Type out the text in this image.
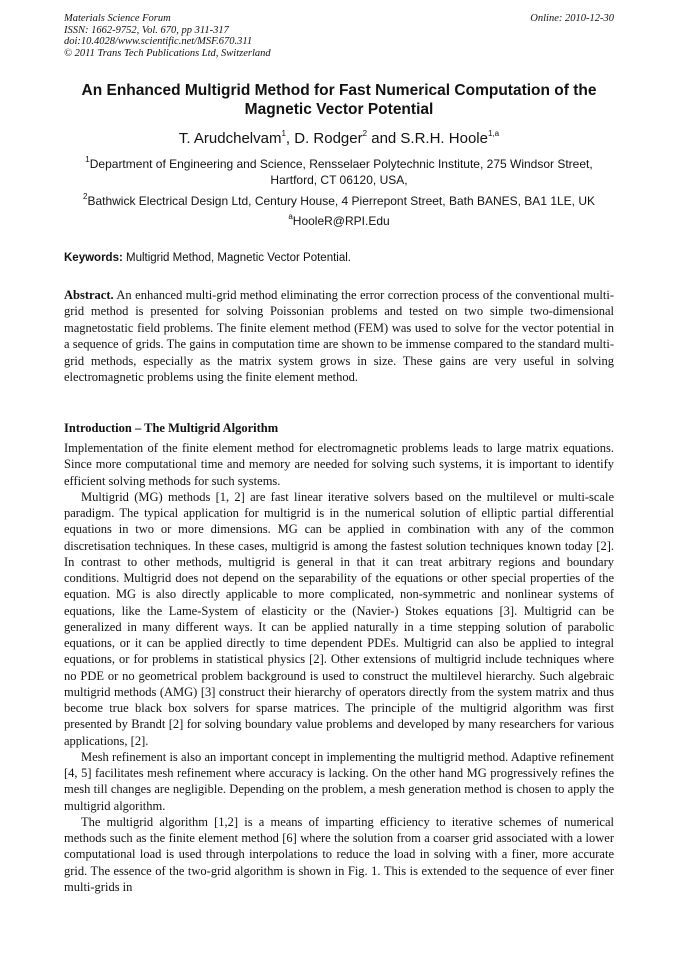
Materials Science Forum
ISSN: 1662-9752, Vol. 670, pp 311-317
doi:10.4028/www.scientific.net/MSF.670.311
© 2011 Trans Tech Publications Ltd, Switzerland
Online: 2010-12-30
An Enhanced Multigrid Method for Fast Numerical Computation of the Magnetic Vector Potential
T. Arudchelvam$^1$, D. Rodger$^2$ and S.R.H. Hoole$^{1,a}$
$^1$Department of Engineering and Science, Rensselaer Polytechnic Institute, 275 Windsor Street, Hartford, CT 06120, USA,
$^2$Bathwick Electrical Design Ltd, Century House, 4 Pierrepont Street, Bath BANES, BA1 1LE, UK
$^a$HooleR@RPI.Edu
Keywords: Multigrid Method, Magnetic Vector Potential.
Abstract. An enhanced multi-grid method eliminating the error correction process of the conventional multi-grid method is presented for solving Poissonian problems and tested on two simple two-dimensional magnetostatic field problems. The finite element method (FEM) was used to solve for the vector potential in a sequence of grids. The gains in computation time are shown to be immense compared to the standard multi-grid methods, especially as the matrix system grows in size. These gains are very useful in solving electromagnetic problems using the finite element method.
Introduction – The Multigrid Algorithm

Implementation of the finite element method for electromagnetic problems leads to large matrix equations. Since more computational time and memory are needed for solving such systems, it is important to identify efficient solving methods for such systems.

Multigrid (MG) methods [1, 2] are fast linear iterative solvers based on the multilevel or multi-scale paradigm. The typical application for multigrid is in the numerical solution of elliptic partial differential equations in two or more dimensions. MG can be applied in combination with any of the common discretisation techniques. In these cases, multigrid is among the fastest solution techniques known today [2]. In contrast to other methods, multigrid is general in that it can treat arbitrary regions and boundary conditions. Multigrid does not depend on the separability of the equations or other special properties of the equation. MG is also directly applicable to more complicated, non-symmetric and nonlinear systems of equations, like the Lame-System of elasticity or the (Navier-) Stokes equations [3]. Multigrid can be generalized in many different ways. It can be applied naturally in a time stepping solution of parabolic equations, or it can be applied directly to time dependent PDEs. Multigrid can also be applied to integral equations, or for problems in statistical physics [2]. Other extensions of multigrid include techniques where no PDE or no geometrical problem background is used to construct the multilevel hierarchy. Such algebraic multigrid methods (AMG) [3] construct their hierarchy of operators directly from the system matrix and thus become true black box solvers for sparse matrices. The principle of the multigrid algorithm was first presented by Brandt [2] for solving boundary value problems and developed by many researchers for various applications, [2].

Mesh refinement is also an important concept in implementing the multigrid method. Adaptive refinement [4, 5] facilitates mesh refinement where accuracy is lacking. On the other hand MG progressively refines the mesh till changes are negligible. Depending on the problem, a mesh generation method is chosen to apply the multigrid algorithm.

The multigrid algorithm [1,2] is a means of imparting efficiency to iterative schemes of numerical methods such as the finite element method [6] where the solution from a coarser grid associated with a lower computational load is used through interpolations to reduce the load in solving with a finer, more accurate grid. The essence of the two-grid algorithm is shown in Fig. 1. This is extended to the sequence of ever finer multi-grids in
